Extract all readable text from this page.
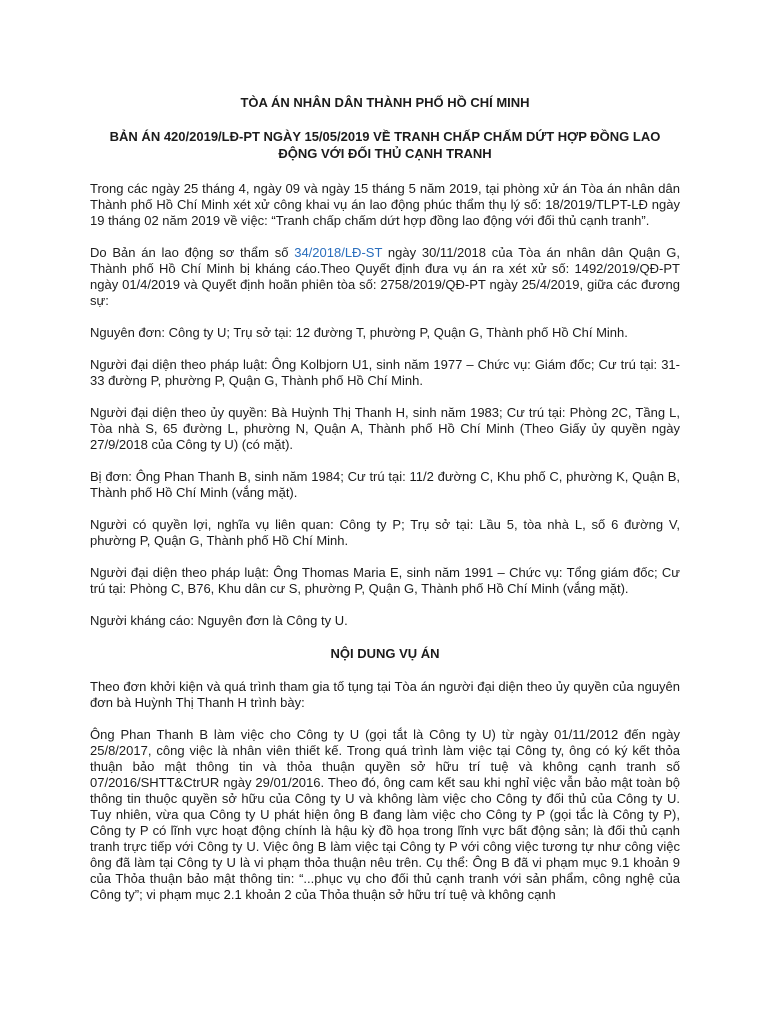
TÒA ÁN NHÂN DÂN THÀNH PHỐ HỒ CHÍ MINH

BẢN ÁN 420/2019/LĐ-PT NGÀY 15/05/2019 VỀ TRANH CHẤP CHẤM DỨT HỢP ĐỒNG LAO ĐỘNG VỚI ĐỐI THỦ CẠNH TRANH

Trong các ngày 25 tháng 4, ngày 09 và ngày 15 tháng 5 năm 2019, tại phòng xử án Tòa án nhân dân Thành phố Hồ Chí Minh xét xử công khai vụ án lao động phúc thẩm thụ lý số: 18/2019/TLPT-LĐ ngày 19 tháng 02 năm 2019 về việc: “Tranh chấp chấm dứt hợp đồng lao động với đối thủ cạnh tranh”.

Do Bản án lao động sơ thẩm số 34/2018/LĐ-ST ngày 30/11/2018 của Tòa án nhân dân Quận G, Thành phố Hồ Chí Minh bị kháng cáo.Theo Quyết định đưa vụ án ra xét xử số: 1492/2019/QĐ-PT ngày 01/4/2019 và Quyết định hoãn phiên tòa số: 2758/2019/QĐ-PT ngày 25/4/2019, giữa các đương sự:

Nguyên đơn: Công ty U; Trụ sở tại: 12 đường T, phường P, Quận G, Thành phố Hồ Chí Minh.

Người đại diện theo pháp luật: Ông Kolbjorn U1, sinh năm 1977 – Chức vụ: Giám đốc; Cư trú tại: 31-33 đường P, phường P, Quận G, Thành phố Hồ Chí Minh.

Người đại diện theo ủy quyền: Bà Huỳnh Thị Thanh H, sinh năm 1983; Cư trú tại: Phòng 2C, Tầng L, Tòa nhà S, 65 đường L, phường N, Quận A, Thành phố Hồ Chí Minh (Theo Giấy ủy quyền ngày 27/9/2018 của Công ty U) (có mặt).

Bị đơn: Ông Phan Thanh B, sinh năm 1984; Cư trú tại: 11/2 đường C, Khu phố C, phường K, Quận B, Thành phố Hồ Chí Minh (vắng mặt).

Người có quyền lợi, nghĩa vụ liên quan: Công ty P; Trụ sở tại: Lầu 5, tòa nhà L, số 6 đường V, phường P, Quận G, Thành phố Hồ Chí Minh.

Người đại diện theo pháp luật: Ông Thomas Maria E, sinh năm 1991 – Chức vụ: Tổng giám đốc; Cư trú tại: Phòng C, B76, Khu dân cư S, phường P, Quận G, Thành phố Hồ Chí Minh (vắng mặt).

Người kháng cáo: Nguyên đơn là Công ty U.

NỘI DUNG VỤ ÁN

Theo đơn khởi kiện và quá trình tham gia tố tụng tại Tòa án người đại diện theo ủy quyền của nguyên đơn bà Huỳnh Thị Thanh H trình bày:

Ông Phan Thanh B làm việc cho Công ty U (gọi tắt là Công ty U) từ ngày 01/11/2012 đến ngày 25/8/2017, công việc là nhân viên thiết kế. Trong quá trình làm việc tại Công ty, ông có ký kết thỏa thuận bảo mật thông tin và thỏa thuận quyền sở hữu trí tuệ và không cạnh tranh số 07/2016/SHTT&CtrUR ngày 29/01/2016. Theo đó, ông cam kết sau khi nghỉ việc vẫn bảo mật toàn bộ thông tin thuộc quyền sở hữu của Công ty U và không làm việc cho Công ty đối thủ của Công ty U. Tuy nhiên, vừa qua Công ty U phát hiện ông B đang làm việc cho Công ty P (gọi tắc là Công ty P), Công ty P có lĩnh vực hoạt động chính là hậu kỳ đồ họa trong lĩnh vực bất động sản; là đối thủ cạnh tranh trực tiếp với Công ty U. Việc ông B làm việc tại Công ty P với công việc tương tự như công việc ông đã làm tại Công ty U là vi phạm thỏa thuận nêu trên. Cụ thể: Ông B đã vi phạm mục 9.1 khoản 9 của Thỏa thuận bảo mật thông tin: “...phục vụ cho đối thủ cạnh tranh với sản phẩm, công nghệ của Công ty”; vi phạm mục 2.1 khoản 2 của Thỏa thuận sở hữu trí tuệ và không cạnh
